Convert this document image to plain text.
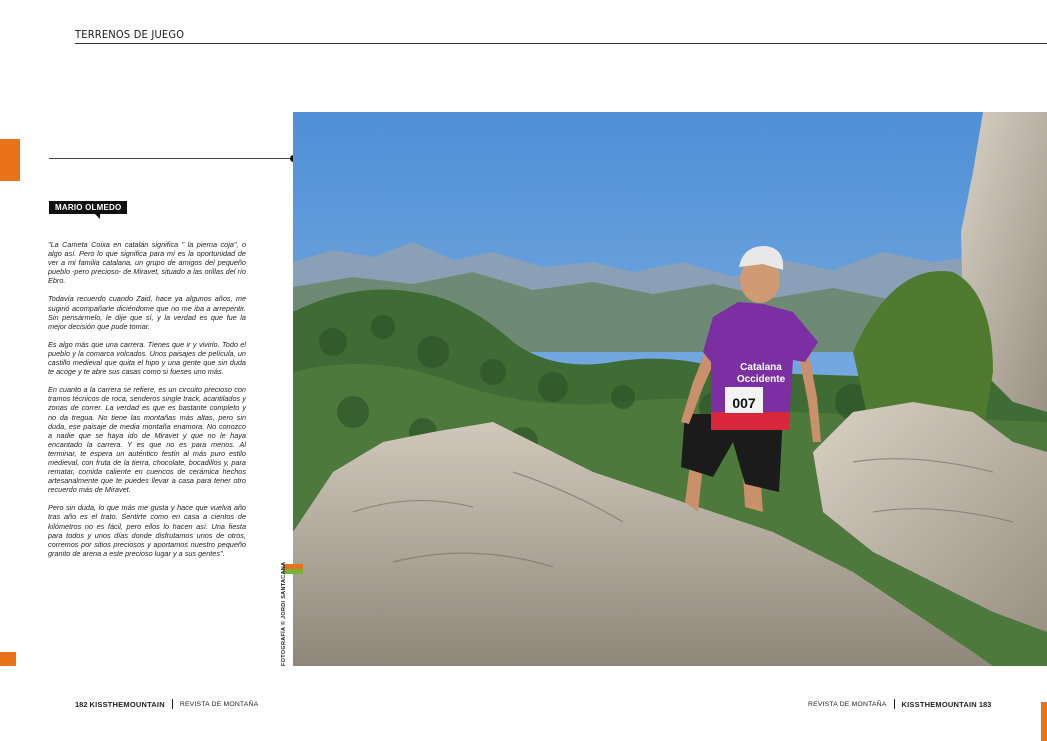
TERRENOS DE JUEGO
MARIO OLMEDO

"La Cameta Coixa en catalán significa " la pierna coja", o algo así. Pero lo que significa para mí es la oportunidad de ver a mi familia catalana, un grupo de amigos del pequeño pueblo -pero precioso- de Miravet, situado a las orillas del río Ebro.

Todavía recuerdo cuando Zaid, hace ya algunos años, me sugirió acompañarle diciéndome que no me iba a arrepentir. Sin pensármelo, le dije que sí, y la verdad es que fue la mejor decisión que pude tomar.

Es algo más que una carrera. Tienes que ir y vivirlo. Todo el pueblo y la comarca volcados. Unos paisajes de película, un castillo medieval que quita el hipo y una gente que sin duda te acoge y te abre sus casas como si fueses uno más.

En cuanto a la carrera se refiere, es un circuito precioso con tramos técnicos de roca, senderos single track, acantilados y zonas de correr. La verdad es que es bastante completo y no da tregua. No tiene las montañas más altas, pero sin duda, ese paisaje de media montaña enamora. No conozco a nadie que se haya ido de Miravet y que no le haya encantado la carrera. Y es que no es para menos. Al terminar, te espera un auténtico festín al más puro estilo medieval, con fruta de la tierra, chocolate, bocadillos y, para rematar, comida caliente en cuencos de cerámica hechos artesanalmente que te puedes llevar a casa para tener otro recuerdo más de Miravet.

Pero sin duda, lo que más me gusta y hace que vuelva año tras año es el trato. Sentirte como en casa a cientos de kilómetros no es fácil, pero ellos lo hacen así. Una fiesta para todos y unos días donde disfrutamos unos de otros, corremos por sitios preciosos y aportamos nuestro pequeño granito de arena a este precioso lugar y a sus gentes".

007
Catalana
Occidente
FOTOGRAFÍA © JORDI SANTACANA
182
KISSTHEMOUNTAIN REVISTA DE MONTAÑA	REVISTA DE MONTAÑA KISSTHEMOUNTAIN
183
